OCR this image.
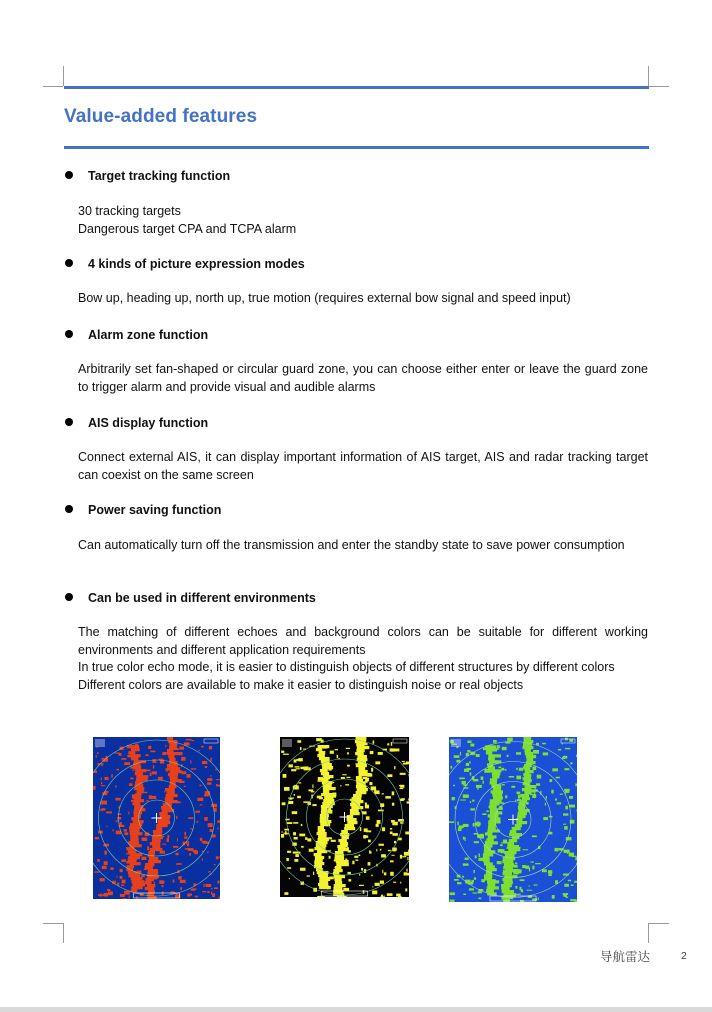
Value-added features
Target tracking function

30 tracking targets

Dangerous target CPA and TCPA alarm

4 kinds of picture expression modes

Bow up, heading up, north up, true motion (requires external bow signal and speed input)

Alarm zone function

Arbitrarily set fan-shaped or circular guard zone, you can choose either enter or leave the guard zone to trigger alarm and provide visual and audible alarms

AIS display function

Connect external AIS, it can display important information of AIS target, AIS and radar tracking target can coexist on the same screen

Power saving function

Can automatically turn off the transmission and enter the standby state to save power consumption

Can be used in different environments

The matching of different echoes and background colors can be suitable for different working environments and different application requirements

In true color echo mode, it is easier to distinguish objects of different structures by different colors

Different colors are available to make it easier to distinguish noise or real objects

导航雷达	2
